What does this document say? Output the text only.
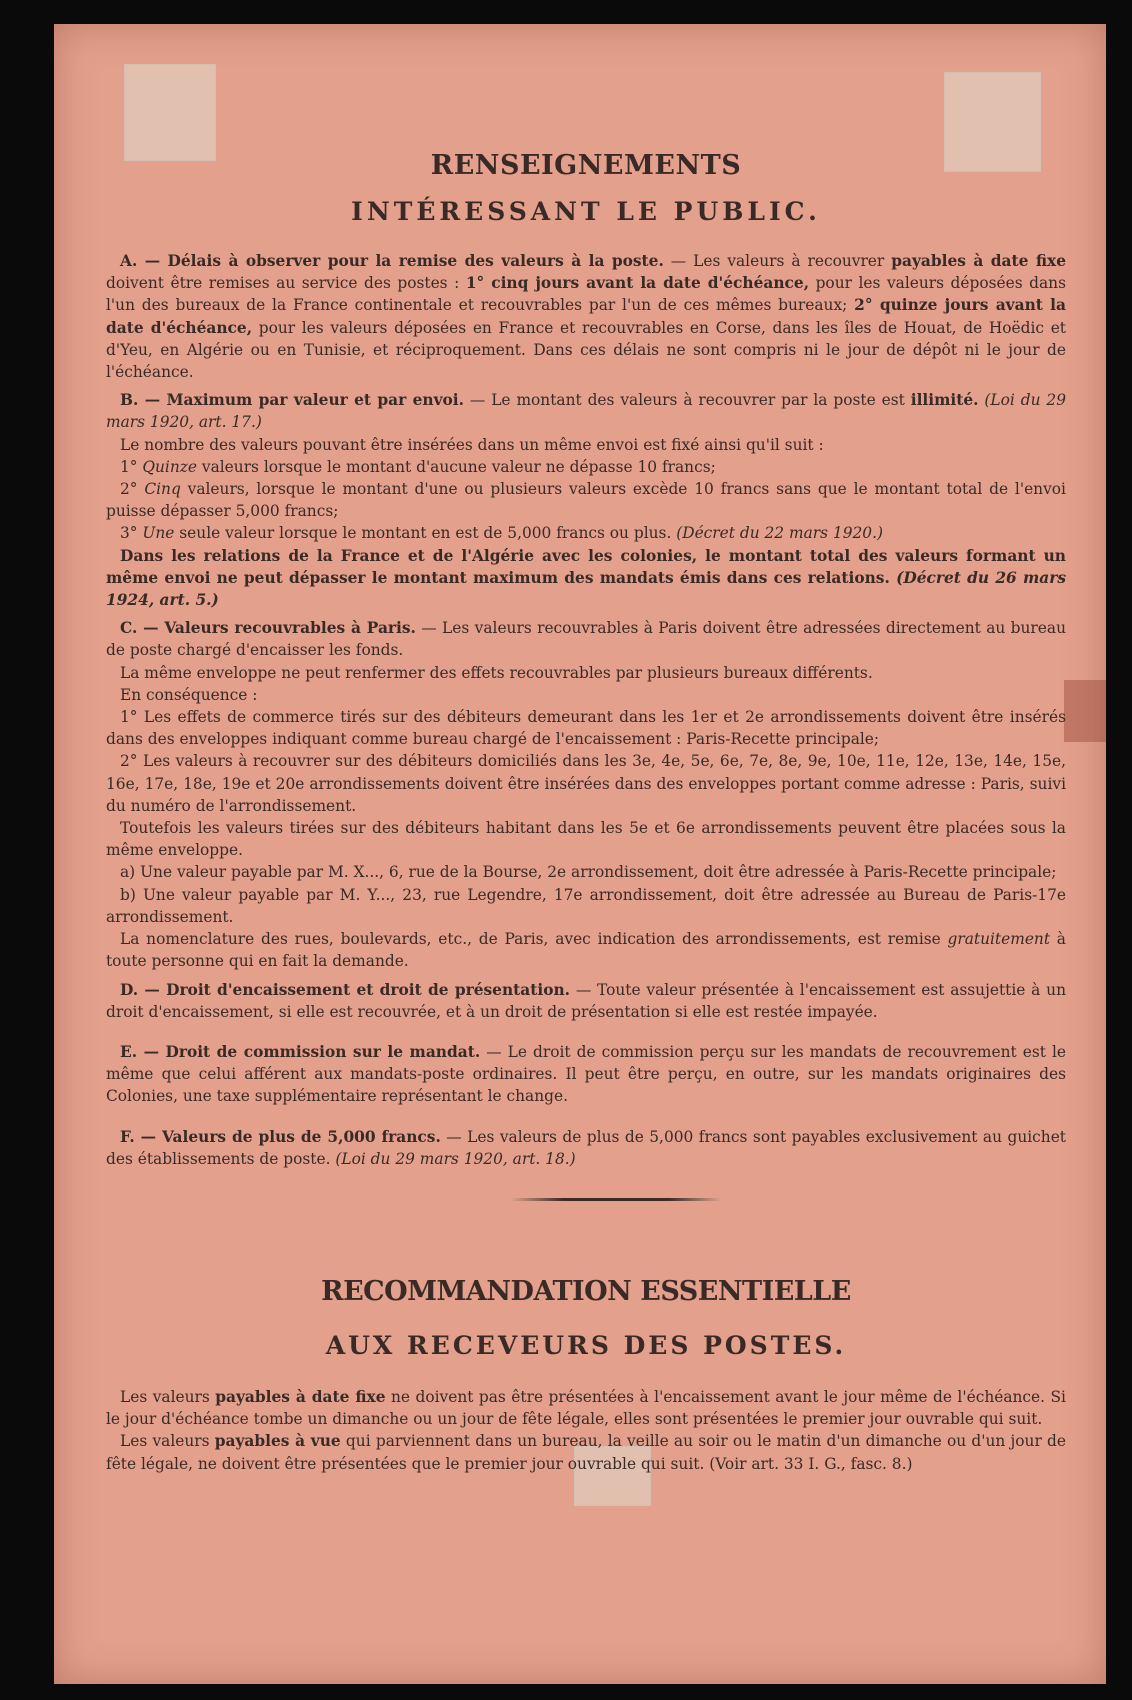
RENSEIGNEMENTS
INTÉRESSANT LE PUBLIC.

A. — Délais à observer pour la remise des valeurs à la poste. — Les valeurs à recouvrer payables à date fixe doivent être remises au service des postes : 1° cinq jours avant la date d'échéance, pour les valeurs déposées dans l'un des bureaux de la France continentale et recouvrables par l'un de ces mêmes bureaux; 2° quinze jours avant la date d'échéance, pour les valeurs déposées en France et recouvrables en Corse, dans les îles de Houat, de Hoëdic et d'Yeu, en Algérie ou en Tunisie, et réciproquement. Dans ces délais ne sont compris ni le jour de dépôt ni le jour de l'échéance.

B. — Maximum par valeur et par envoi. — Le montant des valeurs à recouvrer par la poste est illimité. (Loi du 29 mars 1920, art. 17.)

Le nombre des valeurs pouvant être insérées dans un même envoi est fixé ainsi qu'il suit :

1° Quinze valeurs lorsque le montant d'aucune valeur ne dépasse 10 francs;

2° Cinq valeurs, lorsque le montant d'une ou plusieurs valeurs excède 10 francs sans que le montant total de l'envoi puisse dépasser 5,000 francs;

3° Une seule valeur lorsque le montant en est de 5,000 francs ou plus. (Décret du 22 mars 1920.)

Dans les relations de la France et de l'Algérie avec les colonies, le montant total des valeurs formant un même envoi ne peut dépasser le montant maximum des mandats émis dans ces relations. (Décret du 26 mars 1924, art. 5.)

C. — Valeurs recouvrables à Paris. — Les valeurs recouvrables à Paris doivent être adressées directement au bureau de poste chargé d'encaisser les fonds.

La même enveloppe ne peut renfermer des effets recouvrables par plusieurs bureaux différents.

En conséquence :

1° Les effets de commerce tirés sur des débiteurs demeurant dans les 1er et 2e arrondissements doivent être insérés dans des enveloppes indiquant comme bureau chargé de l'encaissement : Paris-Recette principale;

2° Les valeurs à recouvrer sur des débiteurs domiciliés dans les 3e, 4e, 5e, 6e, 7e, 8e, 9e, 10e, 11e, 12e, 13e, 14e, 15e, 16e, 17e, 18e, 19e et 20e arrondissements doivent être insérées dans des enveloppes portant comme adresse : Paris, suivi du numéro de l'arrondissement.

Toutefois les valeurs tirées sur des débiteurs habitant dans les 5e et 6e arrondissements peuvent être placées sous la même enveloppe.

a) Une valeur payable par M. X..., 6, rue de la Bourse, 2e arrondissement, doit être adressée à Paris-Recette principale;

b) Une valeur payable par M. Y..., 23, rue Legendre, 17e arrondissement, doit être adressée au Bureau de Paris-17e arrondissement.

La nomenclature des rues, boulevards, etc., de Paris, avec indication des arrondissements, est remise gratuitement à toute personne qui en fait la demande.

D. — Droit d'encaissement et droit de présentation. — Toute valeur présentée à l'encaissement est assujettie à un droit d'encaissement, si elle est recouvrée, et à un droit de présentation si elle est restée impayée.

E. — Droit de commission sur le mandat. — Le droit de commission perçu sur les mandats de recouvrement est le même que celui afférent aux mandats-poste ordinaires. Il peut être perçu, en outre, sur les mandats originaires des Colonies, une taxe supplémentaire représentant le change.

F. — Valeurs de plus de 5,000 francs. — Les valeurs de plus de 5,000 francs sont payables exclusivement au guichet des établissements de poste. (Loi du 29 mars 1920, art. 18.)

RECOMMANDATION ESSENTIELLE
AUX RECEVEURS DES POSTES.

Les valeurs payables à date fixe ne doivent pas être présentées à l'encaissement avant le jour même de l'échéance. Si le jour d'échéance tombe un dimanche ou un jour de fête légale, elles sont présentées le premier jour ouvrable qui suit.

Les valeurs payables à vue qui parviennent dans un bureau, la veille au soir ou le matin d'un dimanche ou d'un jour de fête légale, ne doivent être présentées que le premier jour ouvrable qui suit. (Voir art. 33 I. G., fasc. 8.)
